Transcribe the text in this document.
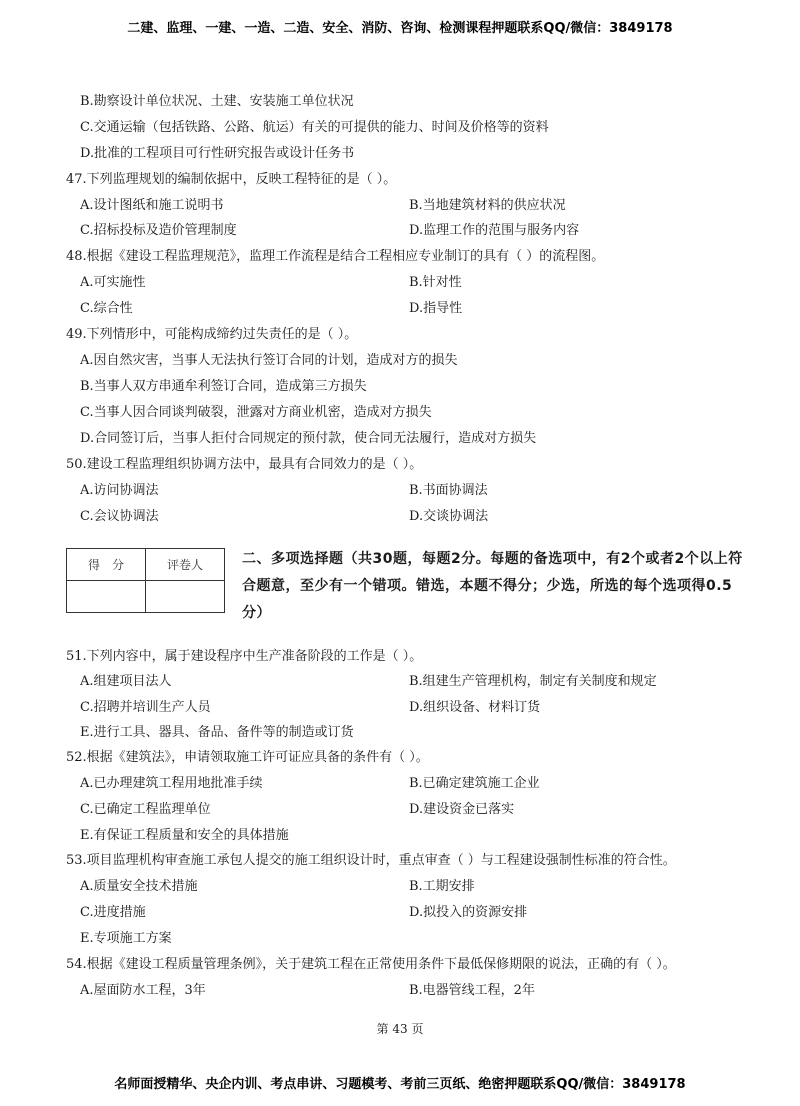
二建、监理、一建、一造、二造、安全、消防、咨询、检测课程押题联系QQ/微信：3849178
B.勘察设计单位状况、土建、安装施工单位状况
C.交通运输（包括铁路、公路、航运）有关的可提供的能力、时间及价格等的资料
D.批准的工程项目可行性研究报告或设计任务书
47.下列监理规划的编制依据中，反映工程特征的是（ ）。
A.设计图纸和施工说明书	B.当地建筑材料的供应状况
C.招标投标及造价管理制度	D.监理工作的范围与服务内容
48.根据《建设工程监理规范》，监理工作流程是结合工程相应专业制订的具有（ ）的流程图。
A.可实施性	B.针对性
C.综合性	D.指导性
49.下列情形中，可能构成缔约过失责任的是（ ）。
A.因自然灾害，当事人无法执行签订合同的计划，造成对方的损失
B.当事人双方串通牟利签订合同，造成第三方损失
C.当事人因合同谈判破裂，泄露对方商业机密，造成对方损失
D.合同签订后，当事人拒付合同规定的预付款，使合同无法履行，造成对方损失
50.建设工程监理组织协调方法中，最具有合同效力的是（ ）。
A.访问协调法	B.书面协调法
C.会议协调法	D.交谈协调法
得　分	评卷人
		二、多项选择题（共30题，每题2分。每题的备选项中，有2个或者2个以上符合题意，至少有一个错项。错选，本题不得分；少选，所选的每个选项得0.5分）
51.下列内容中，属于建设程序中生产准备阶段的工作是（ ）。
A.组建项目法人	B.组建生产管理机构，制定有关制度和规定
C.招聘并培训生产人员	D.组织设备、材料订货
E.进行工具、器具、备品、备件等的制造或订货
52.根据《建筑法》，申请领取施工许可证应具备的条件有（ ）。
A.已办理建筑工程用地批准手续	B.已确定建筑施工企业
C.已确定工程监理单位	D.建设资金已落实
E.有保证工程质量和安全的具体措施
53.项目监理机构审查施工承包人提交的施工组织设计时，重点审查（ ）与工程建设强制性标准的符合性。
A.质量安全技术措施	B.工期安排
C.进度措施	D.拟投入的资源安排
E.专项施工方案
54.根据《建设工程质量管理条例》，关于建筑工程在正常使用条件下最低保修期限的说法，正确的有（ ）。
A.屋面防水工程，3年	B.电器管线工程，2年
第 43 页
名师面授精华、央企内训、考点串讲、习题模考、考前三页纸、绝密押题联系QQ/微信：3849178
